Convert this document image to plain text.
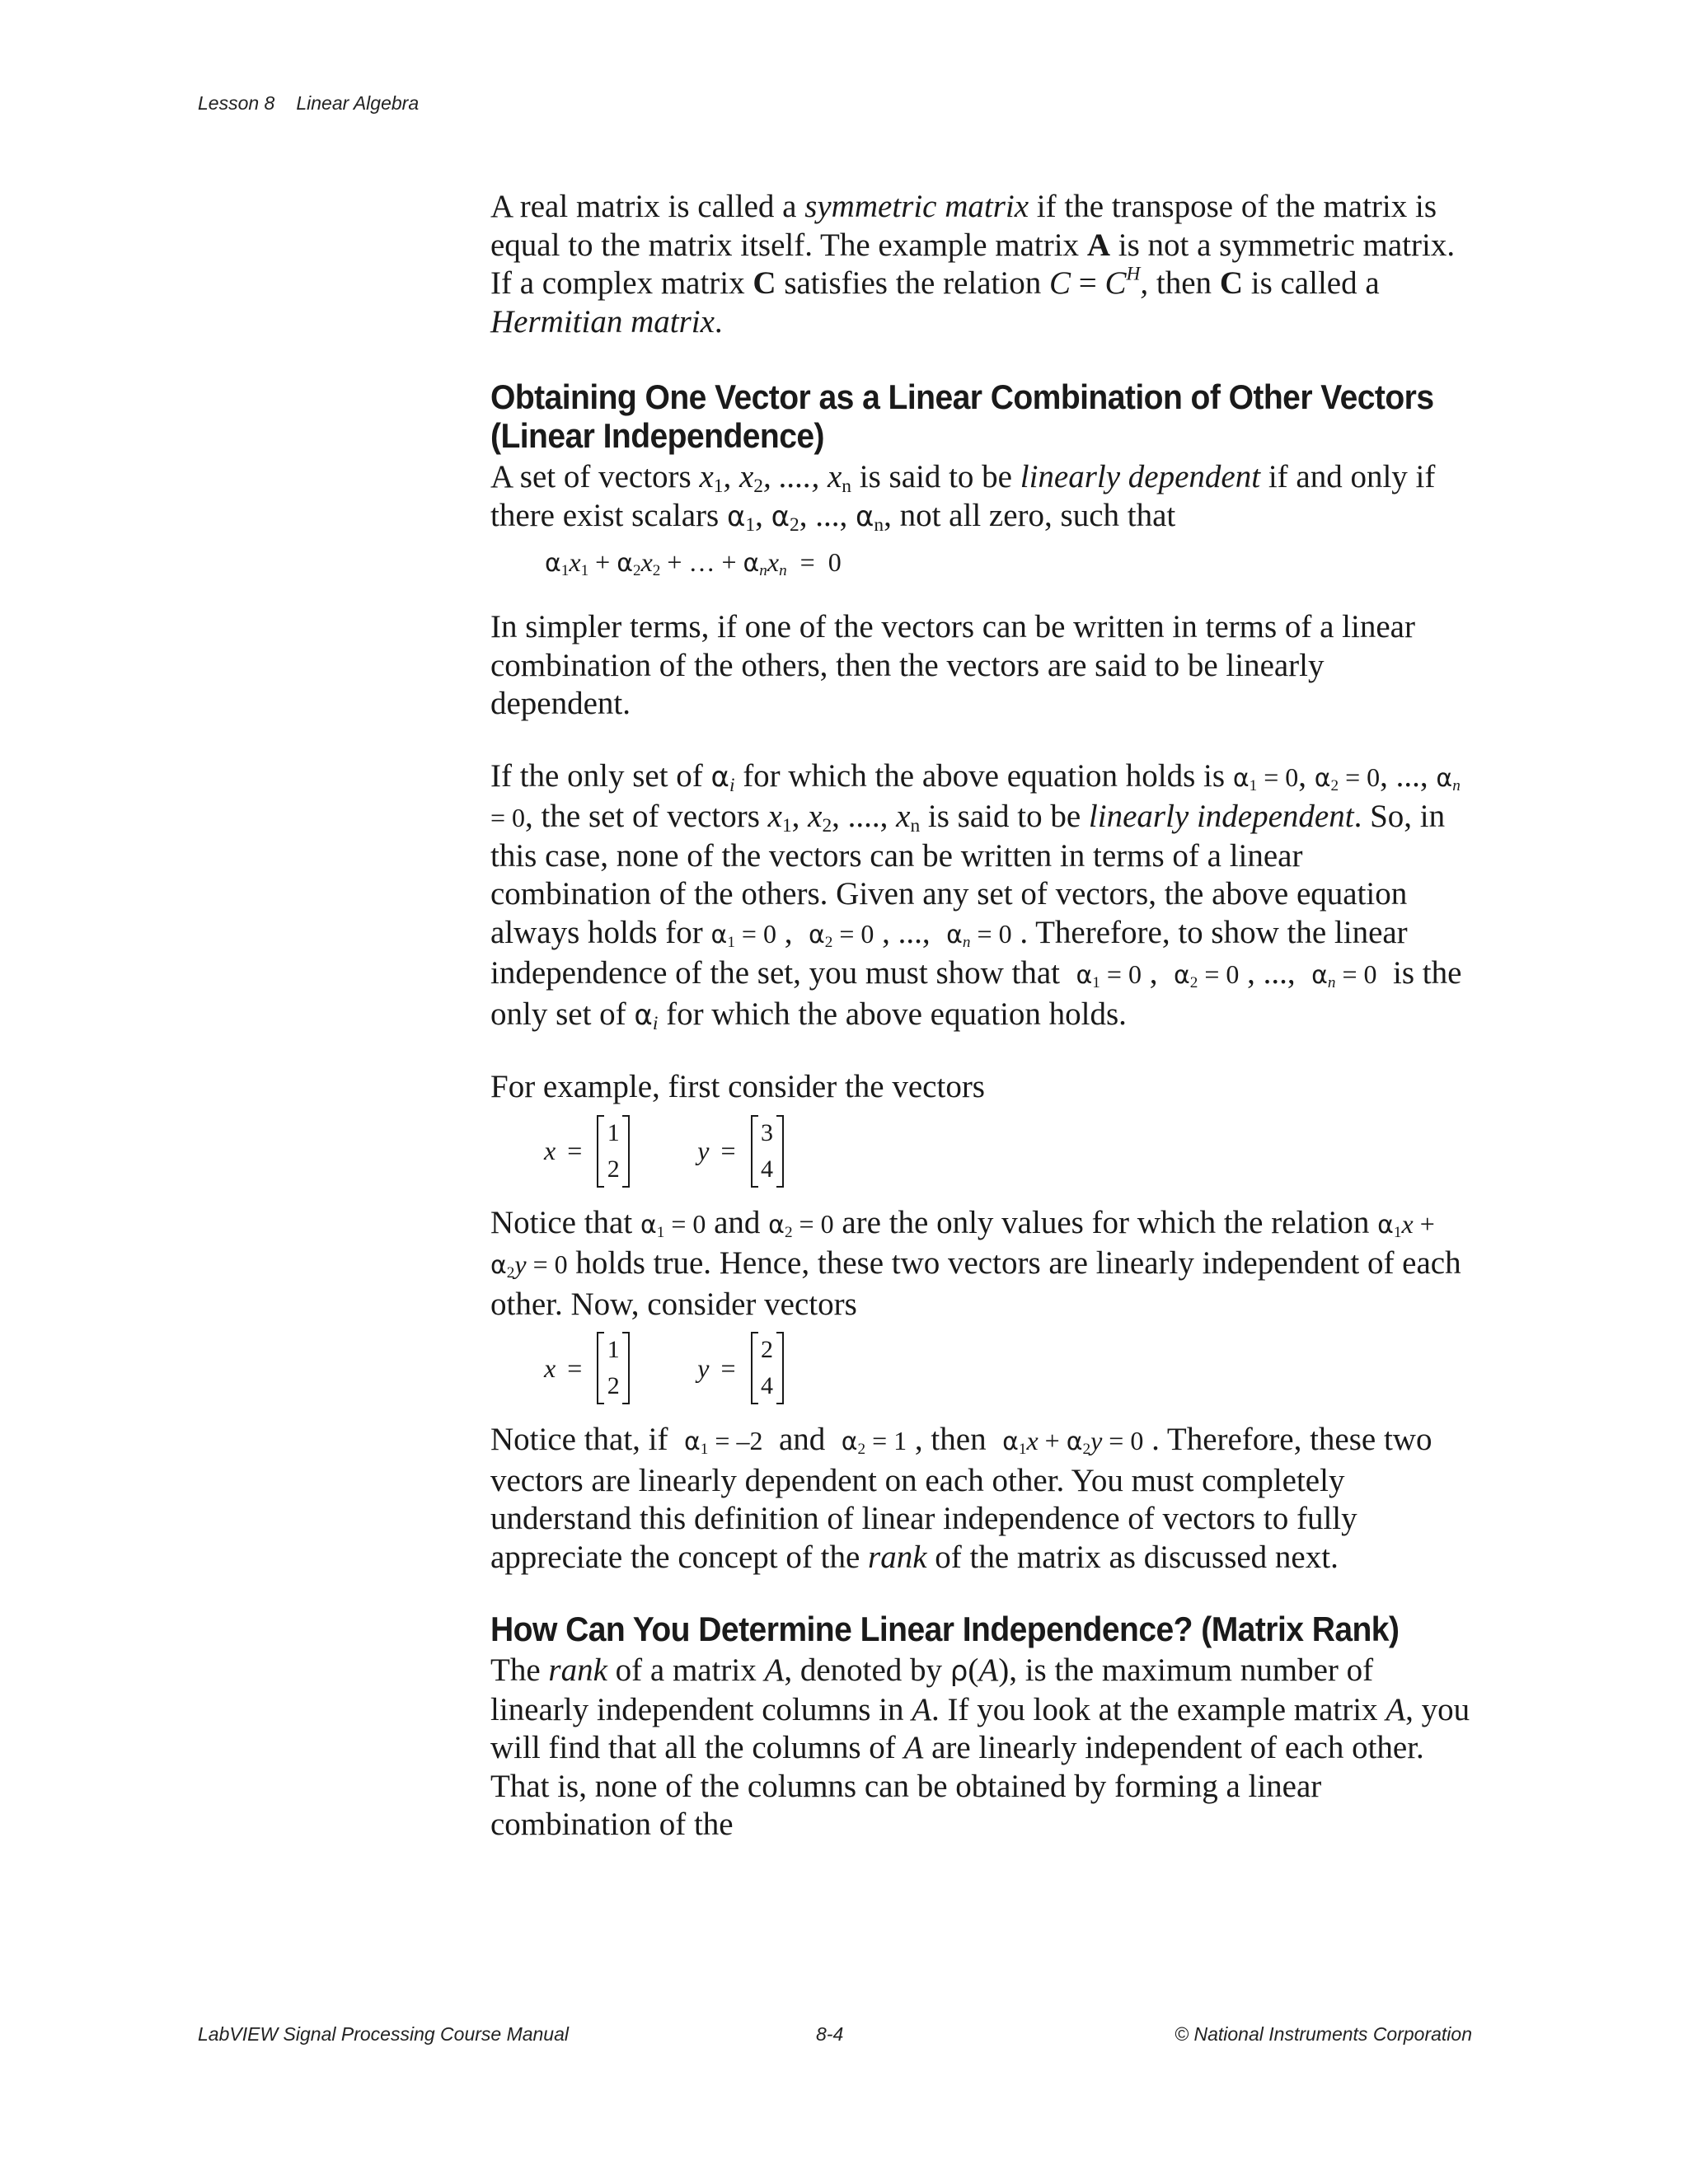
Lesson 8 Linear Algebra

A real matrix is called a symmetric matrix if the transpose of the matrix is equal to the matrix itself. The example matrix A is not a symmetric matrix. If a complex matrix C satisfies the relation $C = C^H$, then C is called a Hermitian matrix.

Obtaining One Vector as a Linear Combination of Other Vectors
(Linear Independence)

A set of vectors $x_1$, $x_2$, ...., $x_n$ is said to be linearly dependent if and only if there exist scalars $\alpha_1$, $\alpha_2$, ..., $\alpha_n$, not all zero, such that

$\alpha_1x_1 + \alpha_2x_2$ + … + $\alpha_nx_n = 0$

In simpler terms, if one of the vectors can be written in terms of a linear combination of the others, then the vectors are said to be linearly dependent.

If the only set of $\alpha_i$ for which the above equation holds is $\alpha_1 = 0$, $\alpha_2 = 0$, ..., $\alpha_n = 0$, the set of vectors $x_1$, $x_2$, ...., $x_n$ is said to be linearly independent. So, in this case, none of the vectors can be written in terms of a linear combination of the others. Given any set of vectors, the above equation always holds for $\alpha_1 = 0$ ,  $\alpha_2 = 0$ , ...,  $\alpha_n = 0$ . Therefore, to show the linear independence of the set, you must show that  $\alpha_1 = 0$ ,  $\alpha_2 = 0$ , ...,  $\alpha_n = 0$  is the only set of $\alpha_i$ for which the above equation holds.

For example, first consider the vectors

x =
1
2
y =
3
4

Notice that $\alpha_1 = 0$ and $\alpha_2 = 0$ are the only values for which the relation $\alpha_1x + \alpha_2y = 0$ holds true. Hence, these two vectors are linearly independent of each other. Now, consider vectors

x =
1
2
y =
2
4

Notice that, if  $\alpha_1 = -2$  and  $\alpha_2 = 1$ , then  $\alpha_1x + \alpha_2y = 0$ . Therefore, these two vectors are linearly dependent on each other. You must completely understand this definition of linear independence of vectors to fully appreciate the concept of the rank of the matrix as discussed next.

How Can You Determine Linear Independence? (Matrix Rank)

The rank of a matrix A, denoted by ρ(A), is the maximum number of linearly independent columns in A. If you look at the example matrix A, you will find that all the columns of A are linearly independent of each other. That is, none of the columns can be obtained by forming a linear combination of the

LabVIEW Signal Processing Course Manual	8-4	© National Instruments Corporation
